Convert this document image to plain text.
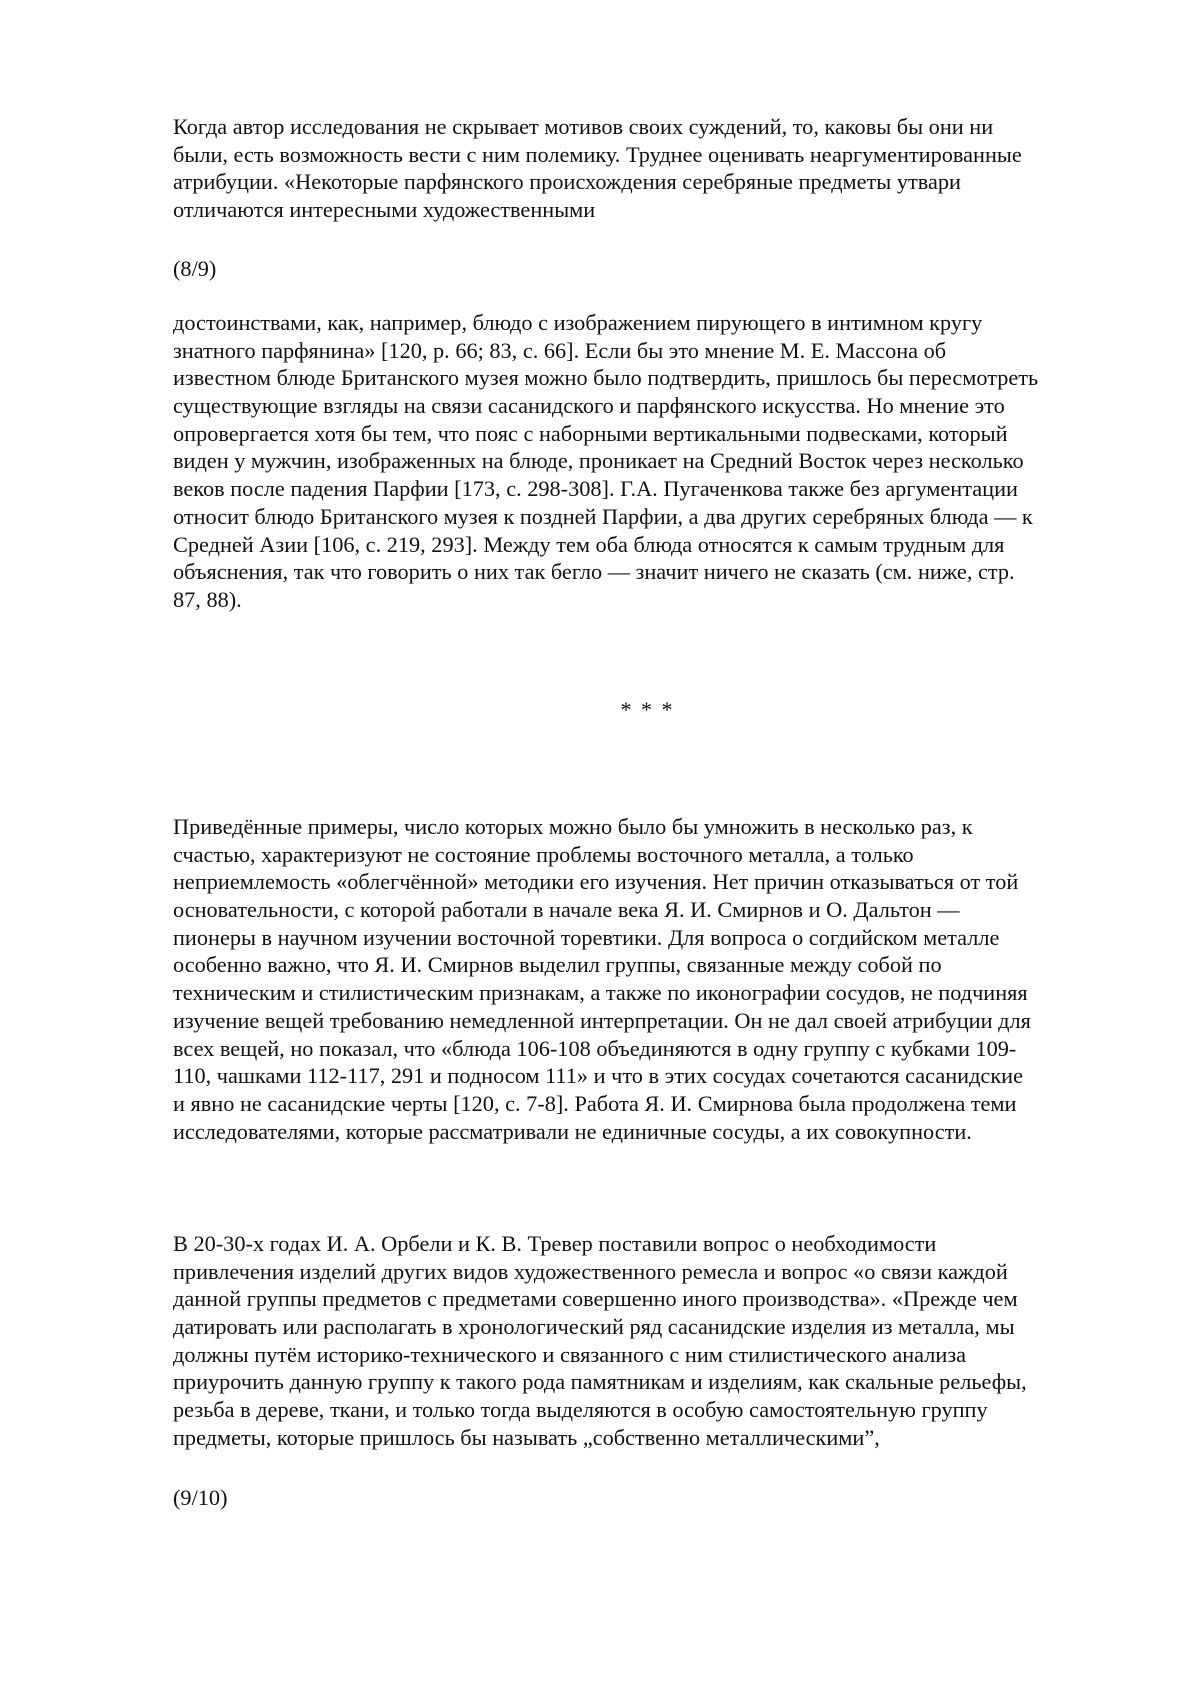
Когда автор исследования не скрывает мотивов своих суждений, то, каковы бы они ни
были, есть возможность вести с ним полемику. Труднее оценивать неаргументированные
атрибуции. «Некоторые парфянского происхождения серебряные предметы утвари
отличаются интересными художественными
(8/9)
достоинствами, как, например, блюдо с изображением пирующего в интимном кругу
знатного парфянина» [120, р. 66; 83, с. 66]. Если бы это мнение М. Е. Массона об
известном блюде Британского музея можно было подтвердить, пришлось бы пересмотреть
существующие взгляды на связи сасанидского и парфянского искусства. Но мнение это
опровергается хотя бы тем, что пояс с наборными вертикальными подвесками, который
виден у мужчин, изображенных на блюде, проникает на Средний Восток через несколько
веков после падения Парфии [173, с. 298-308]. Г.А. Пугаченкова также без аргументации
относит блюдо Британского музея к поздней Парфии, а два других серебряных блюда — к
Средней Азии [106, с. 219, 293]. Между тем оба блюда относятся к самым трудным для
объяснения, так что говорить о них так бегло — значит ничего не сказать (см. ниже, стр.
87, 88).
* * *
Приведённые примеры, число которых можно было бы умножить в несколько раз, к
счастью, характеризуют не состояние проблемы восточного металла, а только
неприемлемость «облегчённой» методики его изучения. Нет причин отказываться от той
основательности, с которой работали в начале века Я. И. Смирнов и О. Дальтон —
пионеры в научном изучении восточной торевтики. Для вопроса о согдийском металле
особенно важно, что Я. И. Смирнов выделил группы, связанные между собой по
техническим и стилистическим признакам, а также по иконографии сосудов, не подчиняя
изучение вещей требованию немедленной интерпретации. Он не дал своей атрибуции для
всех вещей, но показал, что «блюда 106-108 объединяются в одну группу с кубками 109-
110, чашками 112-117, 291 и подносом 111» и что в этих сосудах сочетаются сасанидские
и явно не сасанидские черты [120, с. 7-8]. Работа Я. И. Смирнова была продолжена теми
исследователями, которые рассматривали не единичные сосуды, а их совокупности.
В 20-30-х годах И. А. Орбели и К. В. Тревер поставили вопрос о необходимости
привлечения изделий других видов художественного ремесла и вопрос «о связи каждой
данной группы предметов с предметами совершенно иного производства». «Прежде чем
датировать или располагать в хронологический ряд сасанидские изделия из металла, мы
должны путём историко-технического и связанного с ним стилистического анализа
приурочить данную группу к такого рода памятникам и изделиям, как скальные рельефы,
резьба в дереве, ткани, и только тогда выделяются в особую самостоятельную группу
предметы, которые пришлось бы называть „собственно металлическими”,
(9/10)
